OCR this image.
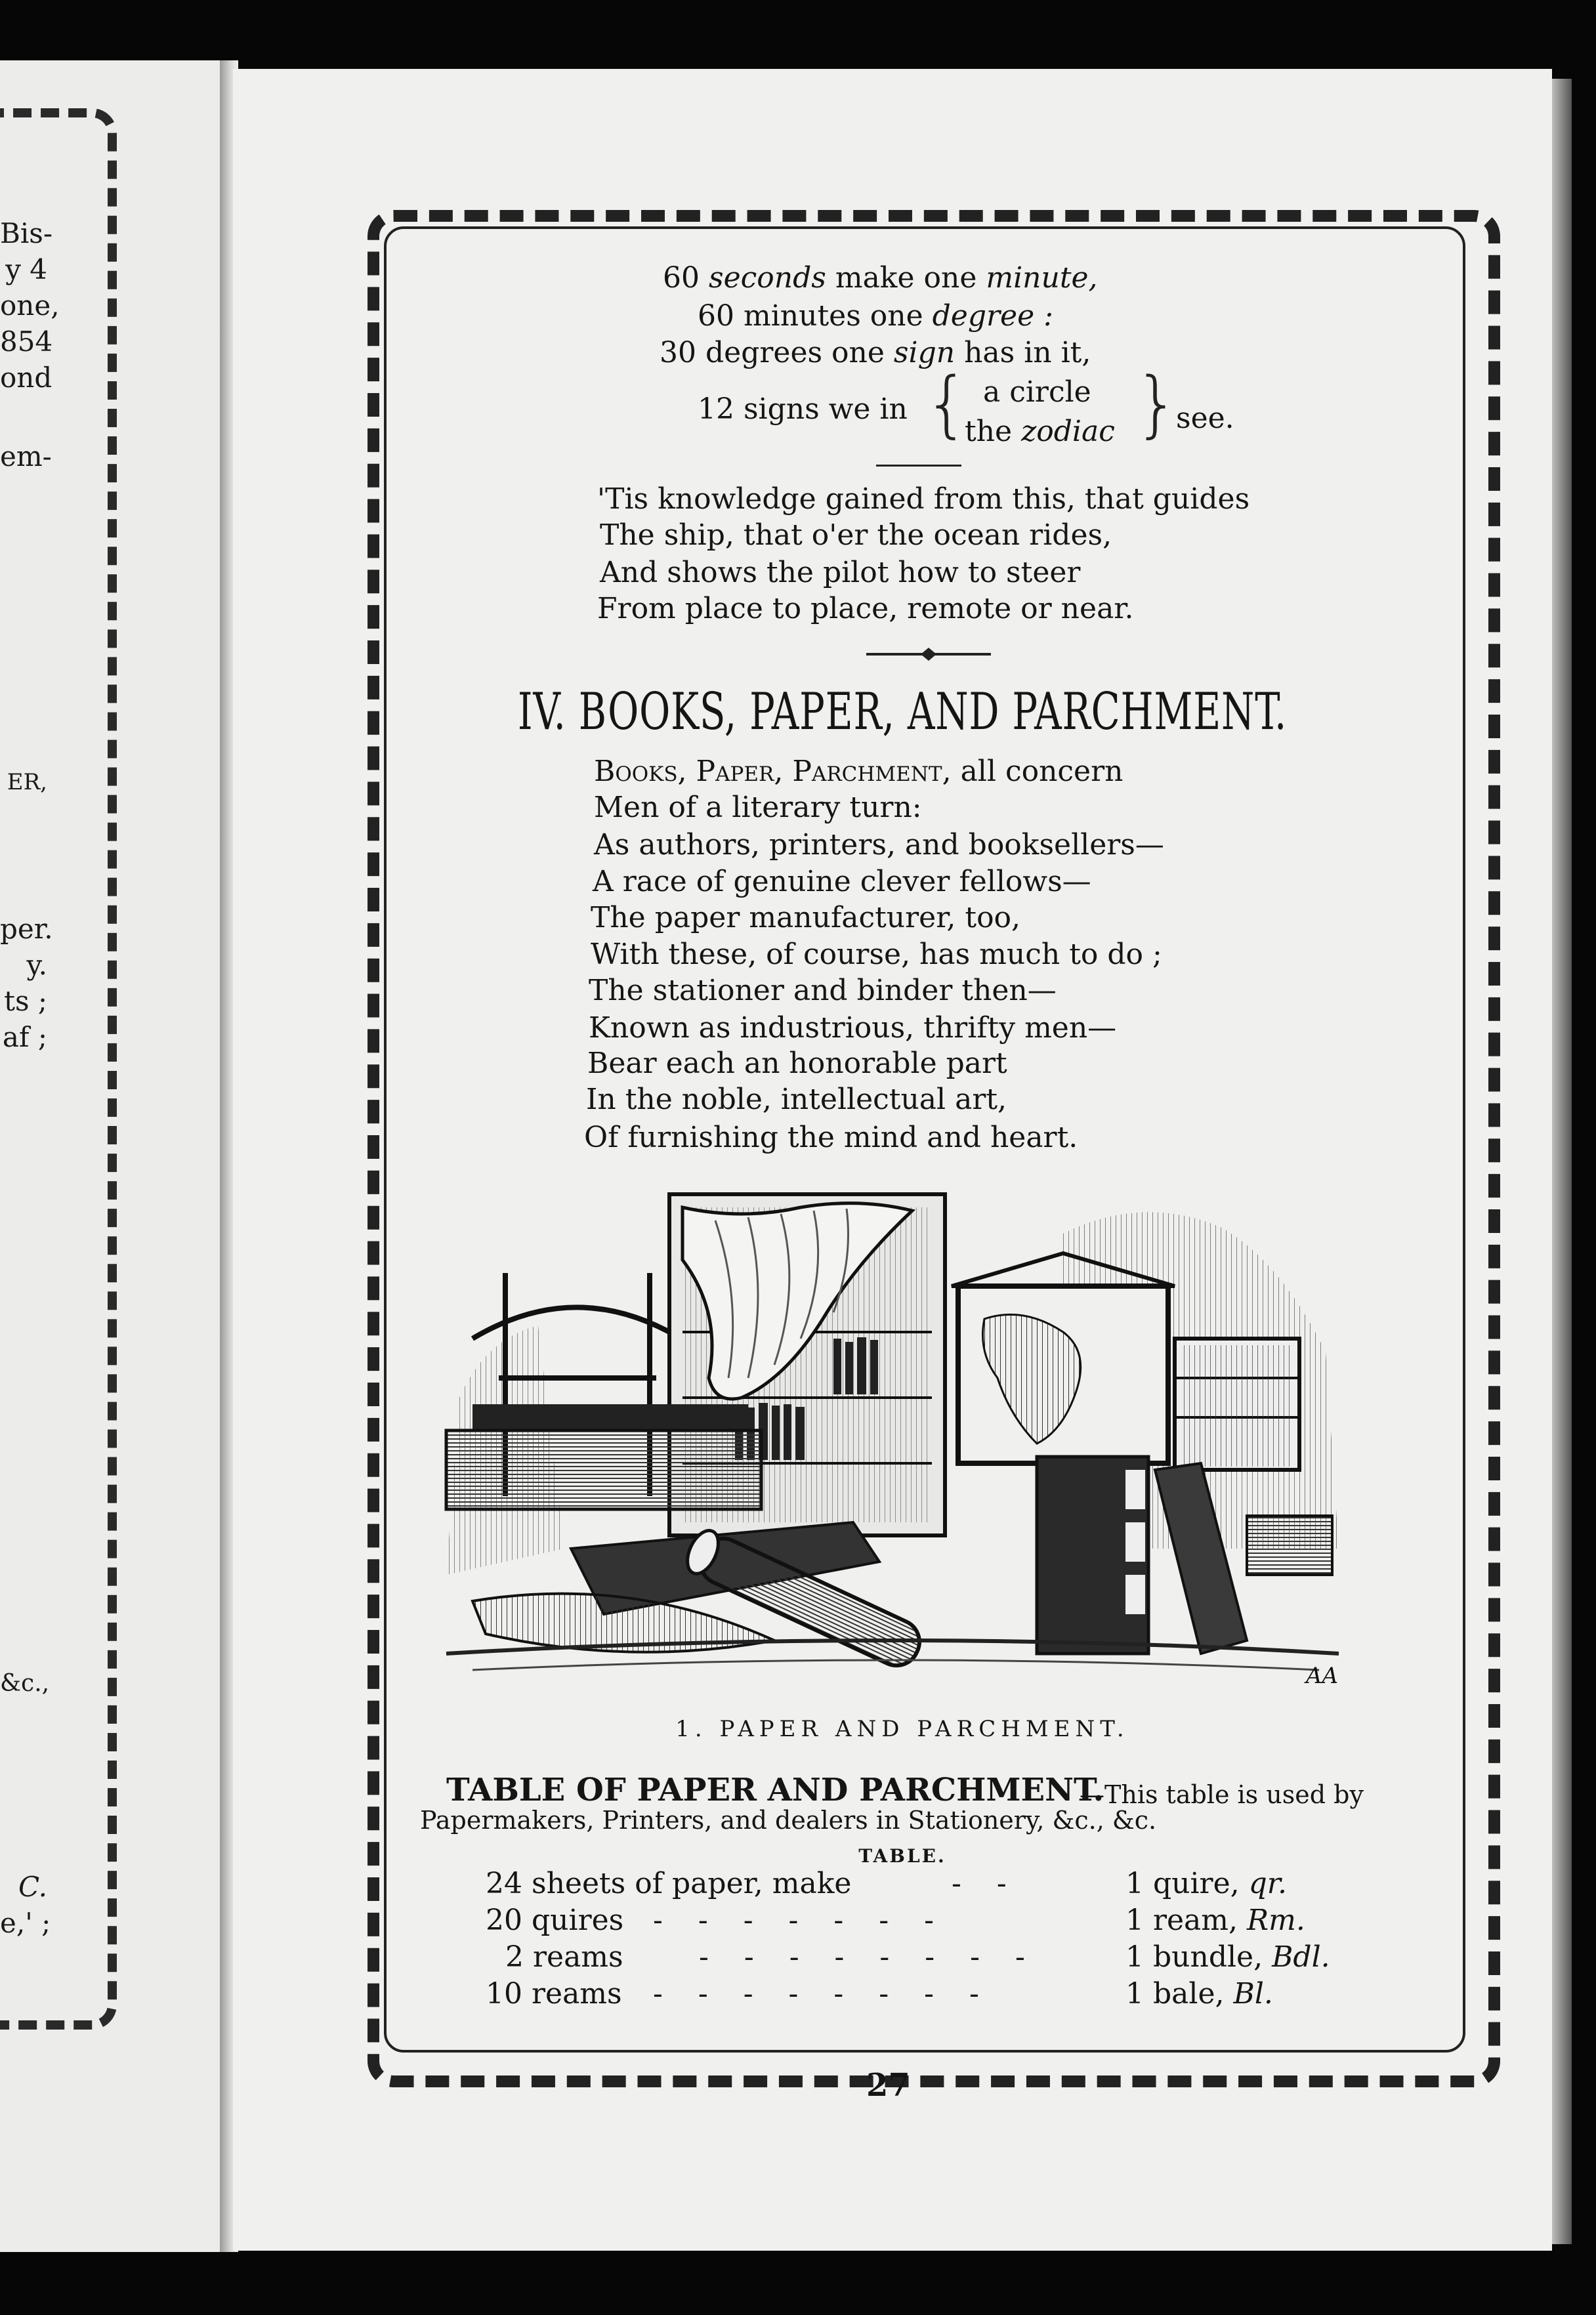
Bis-
y 4
one,
854
ond
em-
ER,
per.
y.
ts ;
af ;
&c.,
C.
e,' ;
60 seconds make one minute,
60 minutes one degree :
30 degrees one sign has in it,
12 signs we in { a circle
the zodiac }
see.
'Tis knowledge gained from this, that guides
The ship, that o'er the ocean rides,
And shows the pilot how to steer
From place to place, remote or near.
IV. BOOKS, PAPER, AND PARCHMENT.
Books, Paper, Parchment, all concern
Men of a literary turn:
As authors, printers, and booksellers—
A race of genuine clever fellows—
The paper manufacturer, too,
With these, of course, has much to do ;
The stationer and binder then—
Known as industrious, thrifty men—
Bear each an honorable part
In the noble, intellectual art,
Of furnishing the mind and heart.
AA
1. PAPER AND PARCHMENT.
TABLE OF PAPER AND PARCHMENT.
—This table is used by
Papermakers, Printers, and dealers in Stationery, &c., &c.
TABLE.
24 sheets of paper, make	- -	1 quire, qr.
20 quires - - - - - - -	1 ream, Rm.
2 reams	- - - - - - - -	1 bundle, Bdl.
10 reams - - - - - - - -	1 bale, Bl.
27
